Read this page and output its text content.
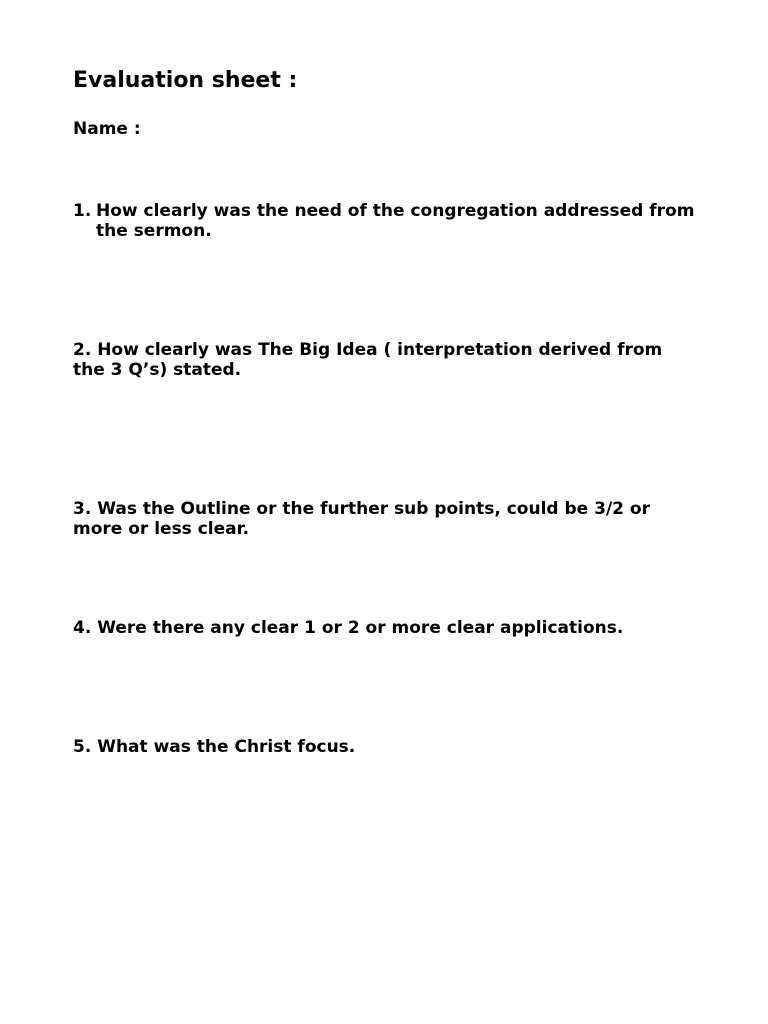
Evaluation sheet :
Name :
1. How clearly was the need of the congregation addressed from the sermon.

2. How clearly was The Big Idea ( interpretation derived from the 3 Q’s) stated.

3. Was the Outline or the further sub points, could be 3/2 or more or less clear.

4. Were there any clear 1 or 2 or more clear applications.

5. What was the Christ focus.
